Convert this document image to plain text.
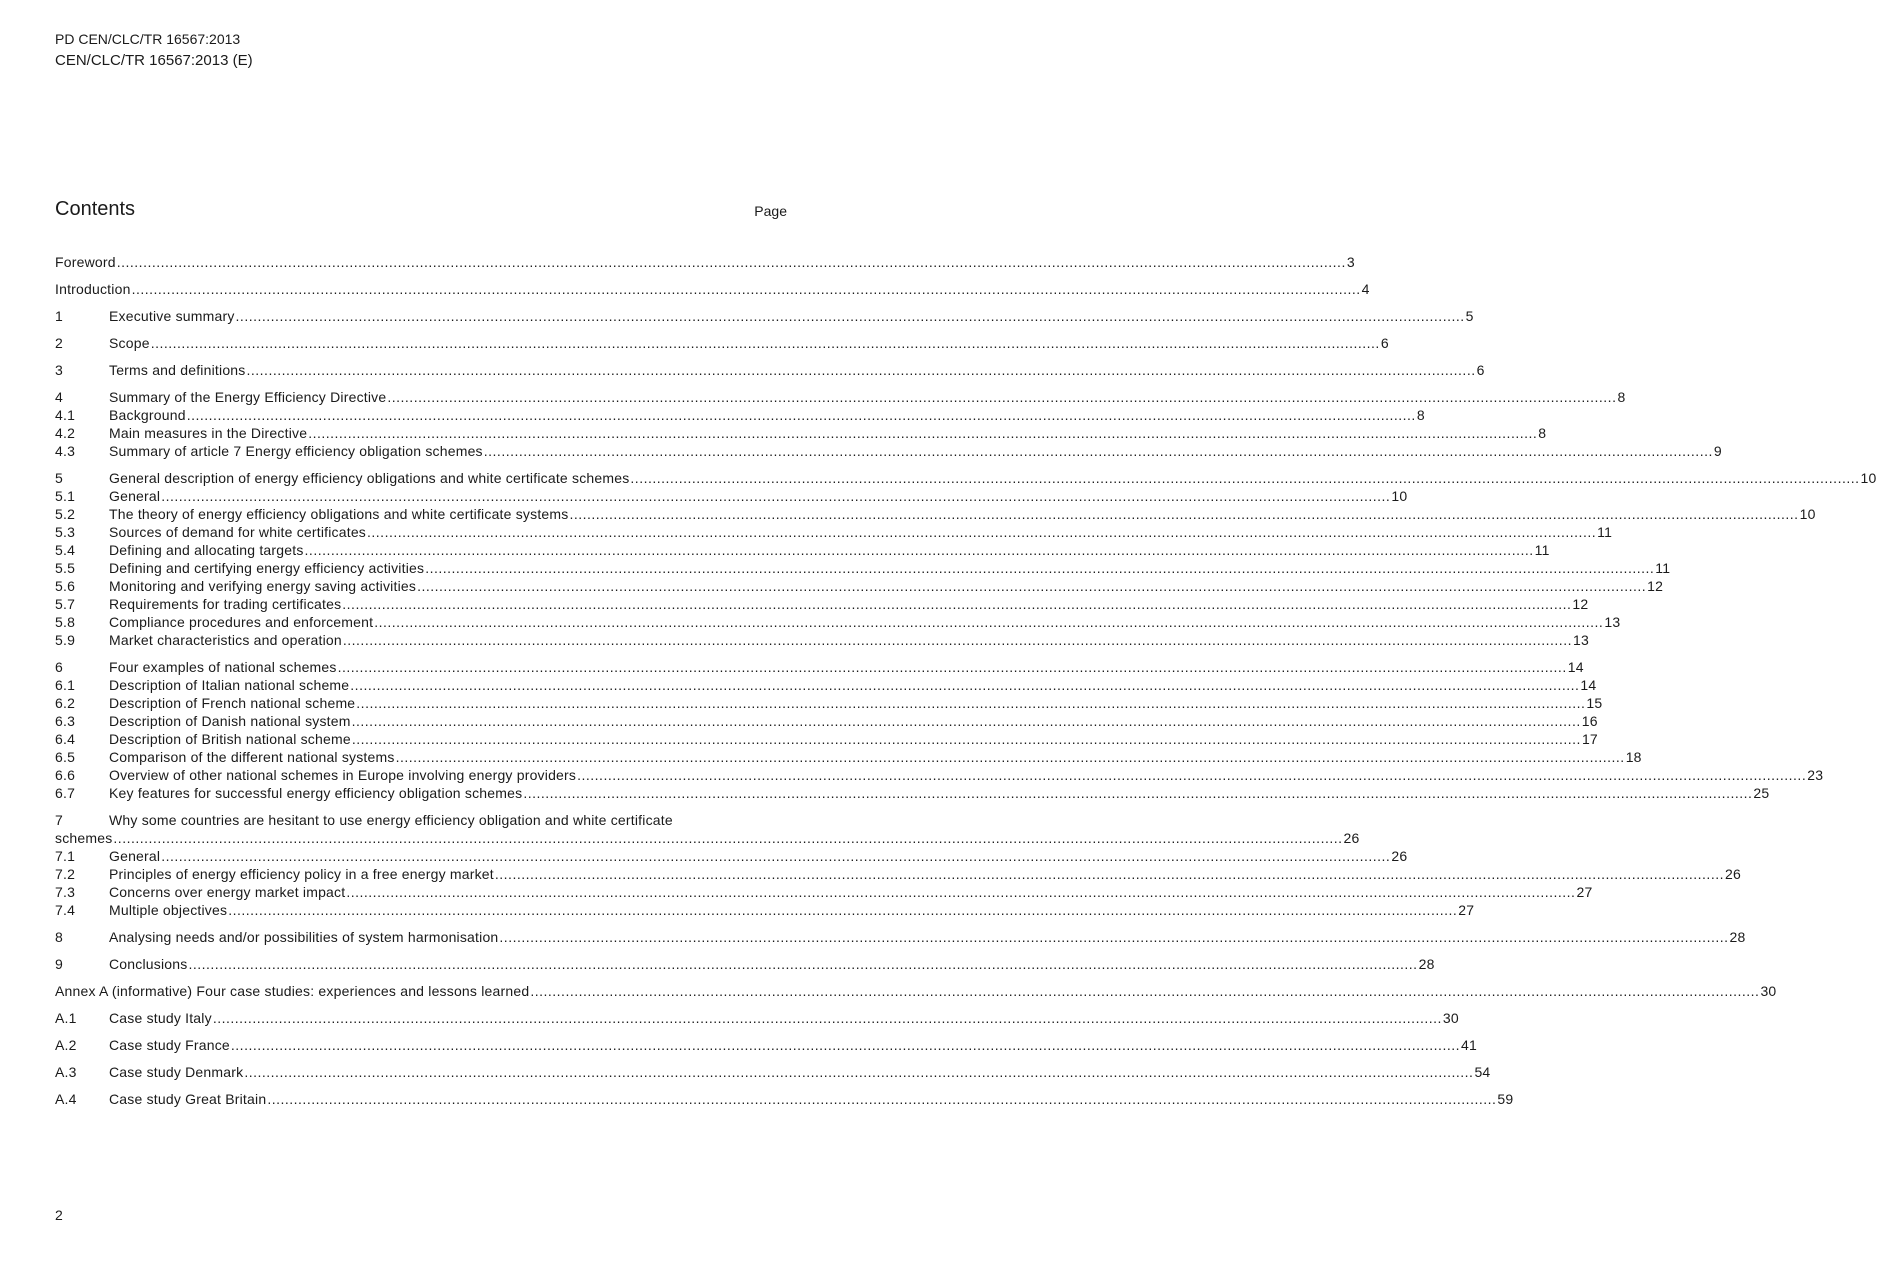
PD CEN/CLC/TR 16567:2013
CEN/CLC/TR 16567:2013 (E)
Contents	Page
Foreword .....	3
Introduction .....	4
1	Executive summary .....	5
2	Scope .....	6
3	Terms and definitions .....	6
4	Summary of the Energy Efficiency Directive .....	8
4.1	Background .....	8
4.2	Main measures in the Directive .....	8
4.3	Summary of article 7 Energy efficiency obligation schemes .....	9
5	General description of energy efficiency obligations and white certificate schemes .....	10
5.1	General .....	10
5.2	The theory of energy efficiency obligations and white certificate systems .....	10
5.3	Sources of demand for white certificates .....	11
5.4	Defining and allocating targets .....	11
5.5	Defining and certifying energy efficiency activities .....	11
5.6	Monitoring and verifying energy saving activities .....	12
5.7	Requirements for trading certificates .....	12
5.8	Compliance procedures and enforcement .....	13
5.9	Market characteristics and operation .....	13
6	Four examples of national schemes .....	14
6.1	Description of Italian national scheme .....	14
6.2	Description of French national scheme .....	15
6.3	Description of Danish national system .....	16
6.4	Description of British national scheme .....	17
6.5	Comparison of the different national systems .....	18
6.6	Overview of other national schemes in Europe involving energy providers .....	23
6.7	Key features for successful energy efficiency obligation schemes .....	25
7	Why some countries are hesitant to use energy efficiency obligation and white certificate
schemes .....	26
7.1	General .....	26
7.2	Principles of energy efficiency policy in a free energy market .....	26
7.3	Concerns over energy market impact .....	27
7.4	Multiple objectives .....	27
8	Analysing needs and/or possibilities of system harmonisation .....	28
9	Conclusions .....	28
Annex A (informative) Four case studies: experiences and lessons learned .....	30
A.1	Case study Italy .....	30
A.2	Case study France .....	41
A.3	Case study Denmark .....	54
A.4	Case study Great Britain .....	59
2
